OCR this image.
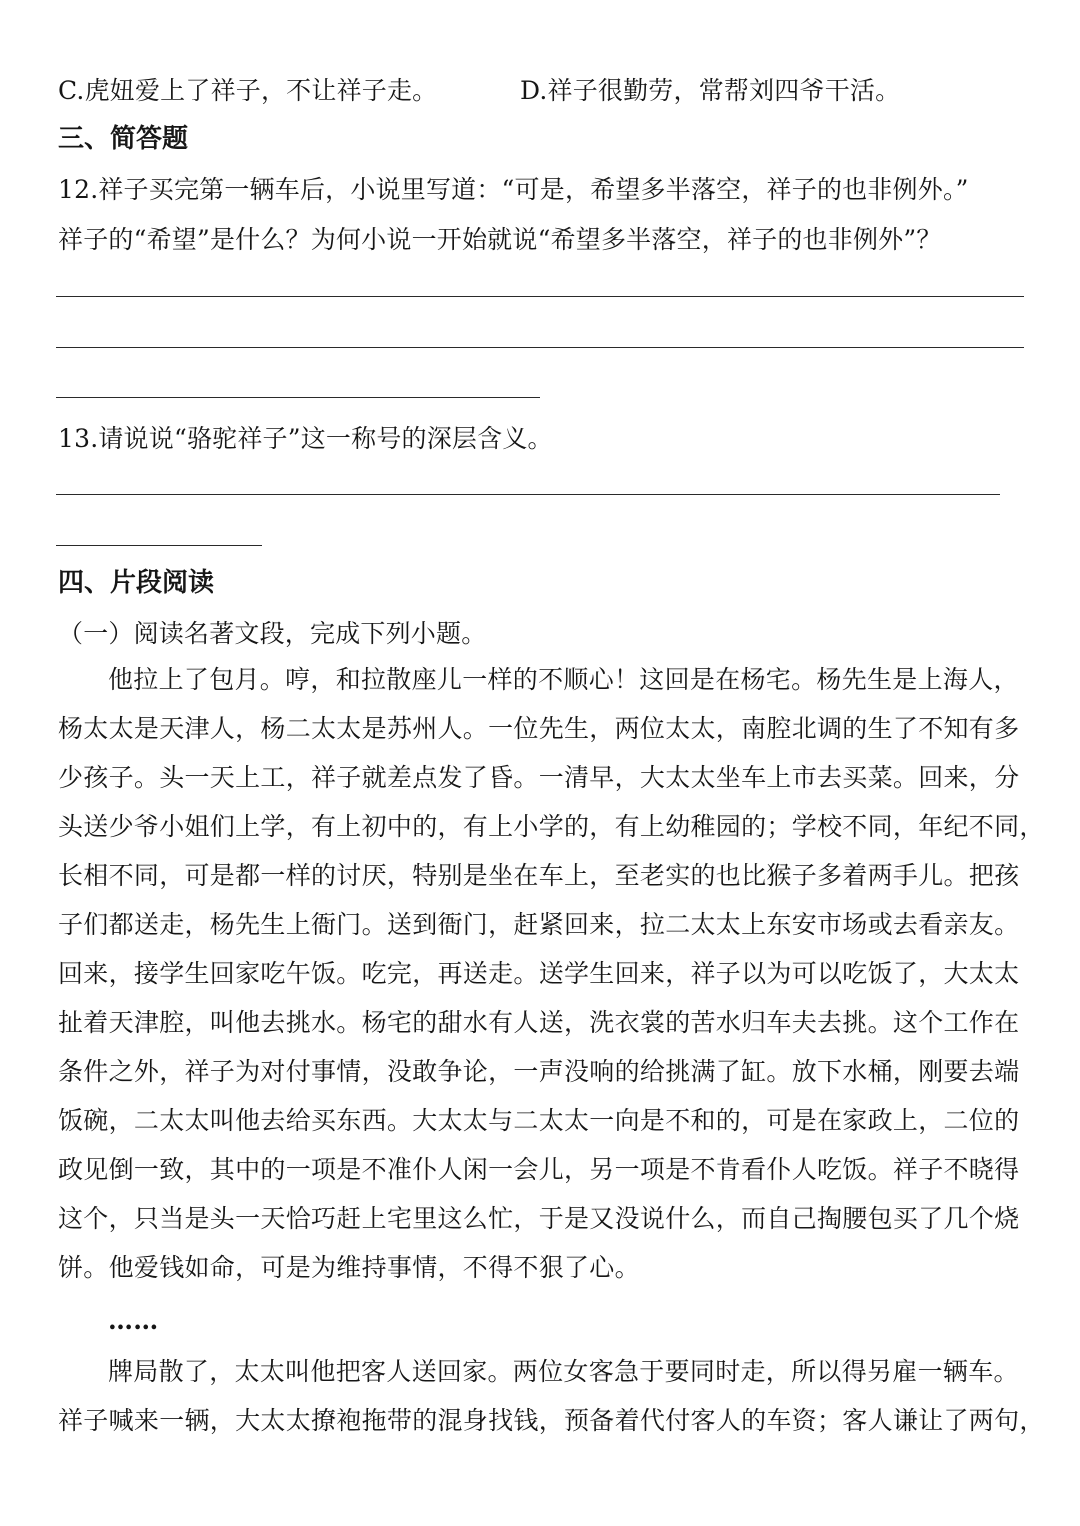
C.虎妞爱上了祥子，不让祥子走。	D.祥子很勤劳，常帮刘四爷干活。
三、简答题
12.祥子买完第一辆车后，小说里写道：“可是，希望多半落空，祥子的也非例外。”
祥子的“希望”是什么？为何小说一开始就说“希望多半落空，祥子的也非例外”？
13.请说说“骆驼祥子”这一称号的深层含义。
四、片段阅读
（一）阅读名著文段，完成下列小题。
他拉上了包月。哼，和拉散座儿一样的不顺心！这回是在杨宅。杨先生是上海人，
杨太太是天津人，杨二太太是苏州人。一位先生，两位太太，南腔北调的生了不知有多
少孩子。头一天上工，祥子就差点发了昏。一清早，大太太坐车上市去买菜。回来，分
头送少爷小姐们上学，有上初中的，有上小学的，有上幼稚园的；学校不同，年纪不同，
长相不同，可是都一样的讨厌，特别是坐在车上，至老实的也比猴子多着两手儿。把孩
子们都送走，杨先生上衙门。送到衙门，赶紧回来，拉二太太上东安市场或去看亲友。
回来，接学生回家吃午饭。吃完，再送走。送学生回来，祥子以为可以吃饭了，大太太
扯着天津腔，叫他去挑水。杨宅的甜水有人送，洗衣裳的苦水归车夫去挑。这个工作在
条件之外，祥子为对付事情，没敢争论，一声没响的给挑满了缸。放下水桶，刚要去端
饭碗，二太太叫他去给买东西。大太太与二太太一向是不和的，可是在家政上，二位的
政见倒一致，其中的一项是不准仆人闲一会儿，另一项是不肯看仆人吃饭。祥子不晓得
这个，只当是头一天恰巧赶上宅里这么忙，于是又没说什么，而自己掏腰包买了几个烧
饼。他爱钱如命，可是为维持事情，不得不狠了心。
……
牌局散了，太太叫他把客人送回家。两位女客急于要同时走，所以得另雇一辆车。
祥子喊来一辆，大太太撩袍拖带的混身找钱，预备着代付客人的车资；客人谦让了两句，
